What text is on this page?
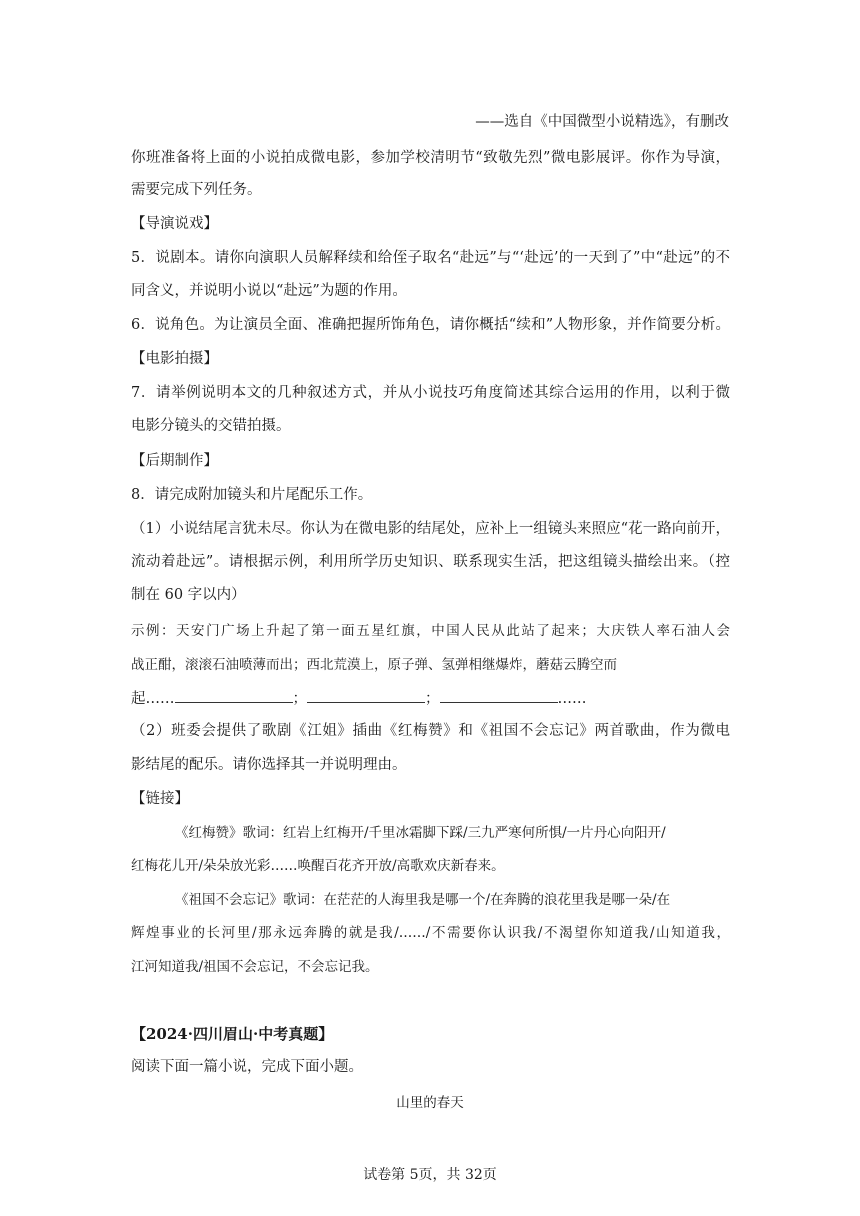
——选自《中国微型小说精选》，有删改
你班准备将上面的小说拍成微电影，参加学校清明节“致敬先烈”微电影展评。你作为导演，
需要完成下列任务。
【导演说戏】
5．说剧本。请你向演职人员解释续和给侄子取名“赴远”与“‘赴远’的一天到了”中“赴远”的不
同含义，并说明小说以“赴远”为题的作用。
6．说角色。为让演员全面、准确把握所饰角色，请你概括“续和”人物形象，并作简要分析。
【电影拍摄】
7．请举例说明本文的几种叙述方式，并从小说技巧角度简述其综合运用的作用，以利于微
电影分镜头的交错拍摄。
【后期制作】
8．请完成附加镜头和片尾配乐工作。
（1）小说结尾言犹未尽。你认为在微电影的结尾处，应补上一组镜头来照应“花一路向前开，
流动着赴远”。请根据示例，利用所学历史知识、联系现实生活，把这组镜头描绘出来。（控
制在 60 字以内）
示例：天安门广场上升起了第一面五星红旗，中国人民从此站了起来；大庆铁人率石油人会
战正酣，滚滚石油喷薄而出；西北荒漠上，原子弹、氢弹相继爆炸，蘑菇云腾空而
起……	；	；	……
（2）班委会提供了歌剧《江姐》插曲《红梅赞》和《祖国不会忘记》两首歌曲，作为微电
影结尾的配乐。请你选择其一并说明理由。
【链接】
《红梅赞》歌词：红岩上红梅开/千里冰霜脚下踩/三九严寒何所惧/一片丹心向阳开/
红梅花儿开/朵朵放光彩……唤醒百花齐开放/高歌欢庆新春来。
《祖国不会忘记》歌词：在茫茫的人海里我是哪一个/在奔腾的浪花里我是哪一朵/在
辉煌事业的长河里/那永远奔腾的就是我/……/不需要你认识我/不渴望你知道我/山知道我，
江河知道我/祖国不会忘记，不会忘记我。
【2024·四川眉山·中考真题】
阅读下面一篇小说，完成下面小题。
山里的春天
试卷第 5页，共 32页
